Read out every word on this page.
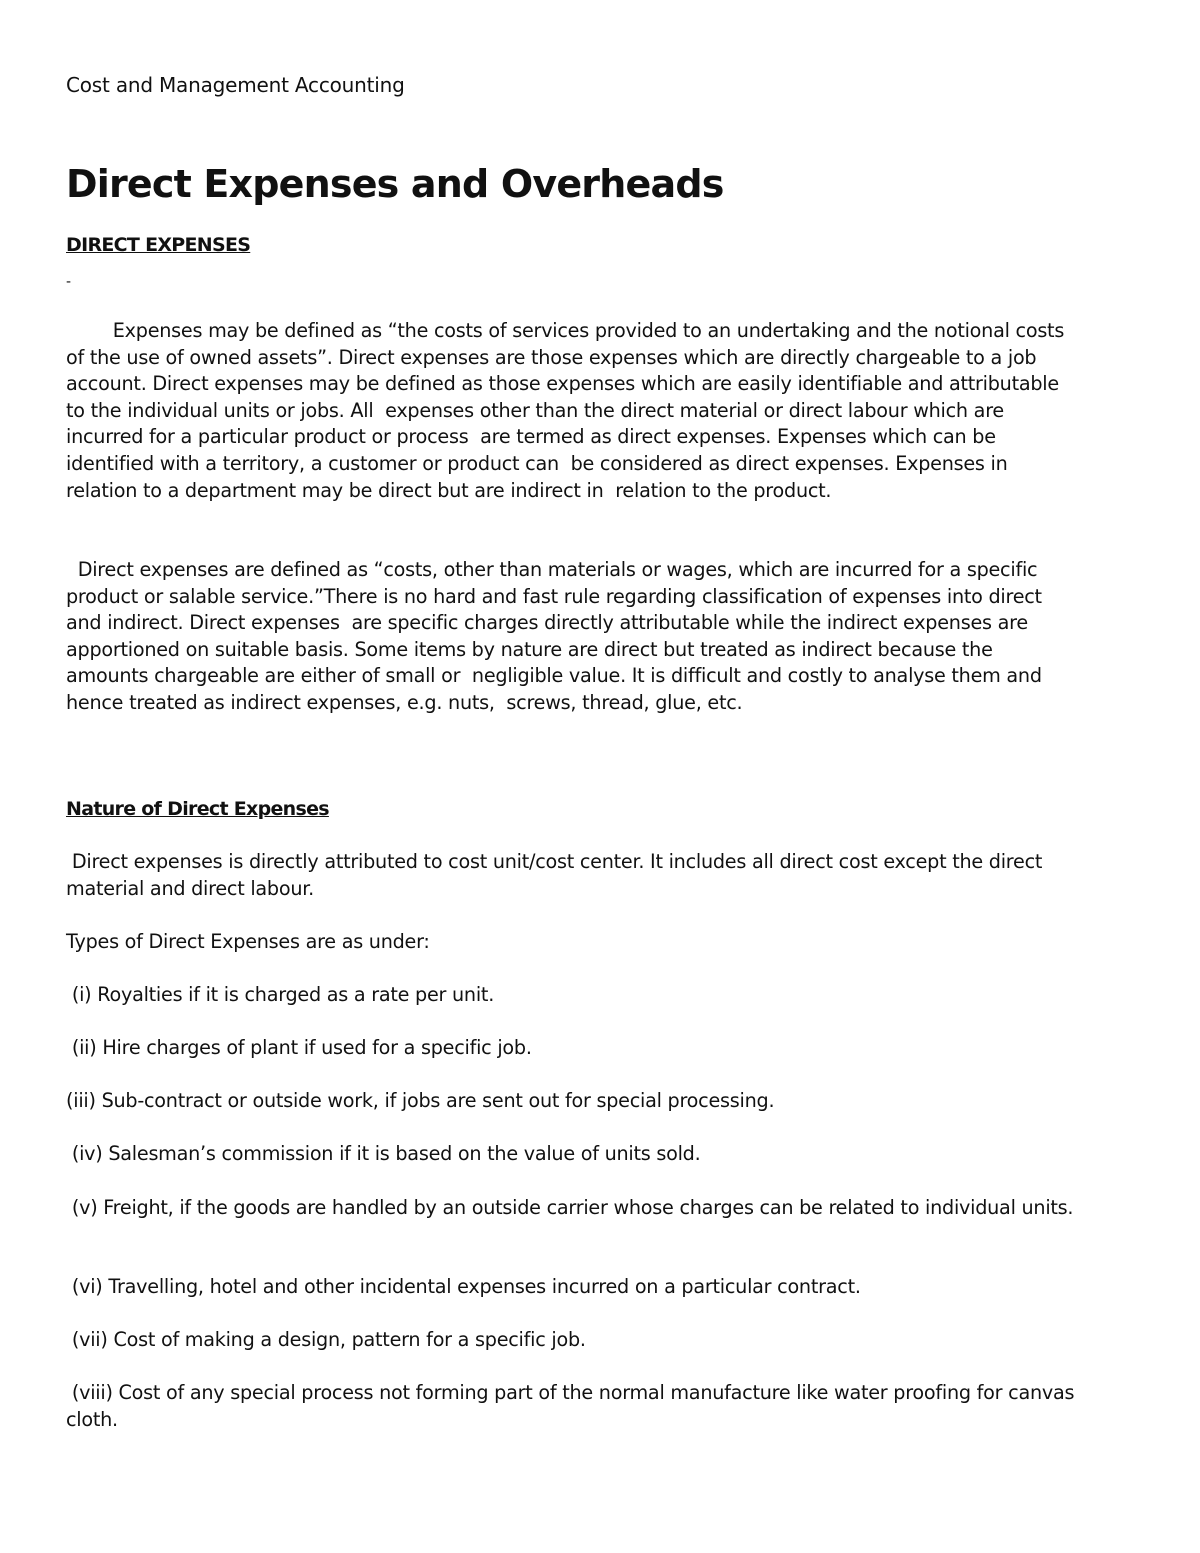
Cost and Management Accounting

Direct Expenses and Overheads

DIRECT EXPENSES

-

Expenses may be defined as “the costs of services provided to an undertaking and the notional costs of the use of owned assets”. Direct expenses are those expenses which are directly chargeable to a job account. Direct expenses may be defined as those expenses which are easily identifiable and attributable to the individual units or jobs. All  expenses other than the direct material or direct labour which are incurred for a particular product or process  are termed as direct expenses. Expenses which can be identified with a territory, a customer or product can  be considered as direct expenses. Expenses in relation to a department may be direct but are indirect in  relation to the product.

Direct expenses are defined as “costs, other than materials or wages, which are incurred for a specific product or salable service.”There is no hard and fast rule regarding classification of expenses into direct and indirect. Direct expenses  are specific charges directly attributable while the indirect expenses are apportioned on suitable basis. Some items by nature are direct but treated as indirect because the amounts chargeable are either of small or  negligible value. It is difficult and costly to analyse them and hence treated as indirect expenses, e.g. nuts,  screws, thread, glue, etc.

Nature of Direct Expenses

Direct expenses is directly attributed to cost unit/cost center. It includes all direct cost except the direct material and direct labour.

Types of Direct Expenses are as under:

(i) Royalties if it is charged as a rate per unit.

(ii) Hire charges of plant if used for a specific job.

(iii) Sub-contract or outside work, if jobs are sent out for special processing.

(iv) Salesman’s commission if it is based on the value of units sold.

(v) Freight, if the goods are handled by an outside carrier whose charges can be related to individual units.

(vi) Travelling, hotel and other incidental expenses incurred on a particular contract.

(vii) Cost of making a design, pattern for a specific job.

(viii) Cost of any special process not forming part of the normal manufacture like water proofing for canvas cloth.
